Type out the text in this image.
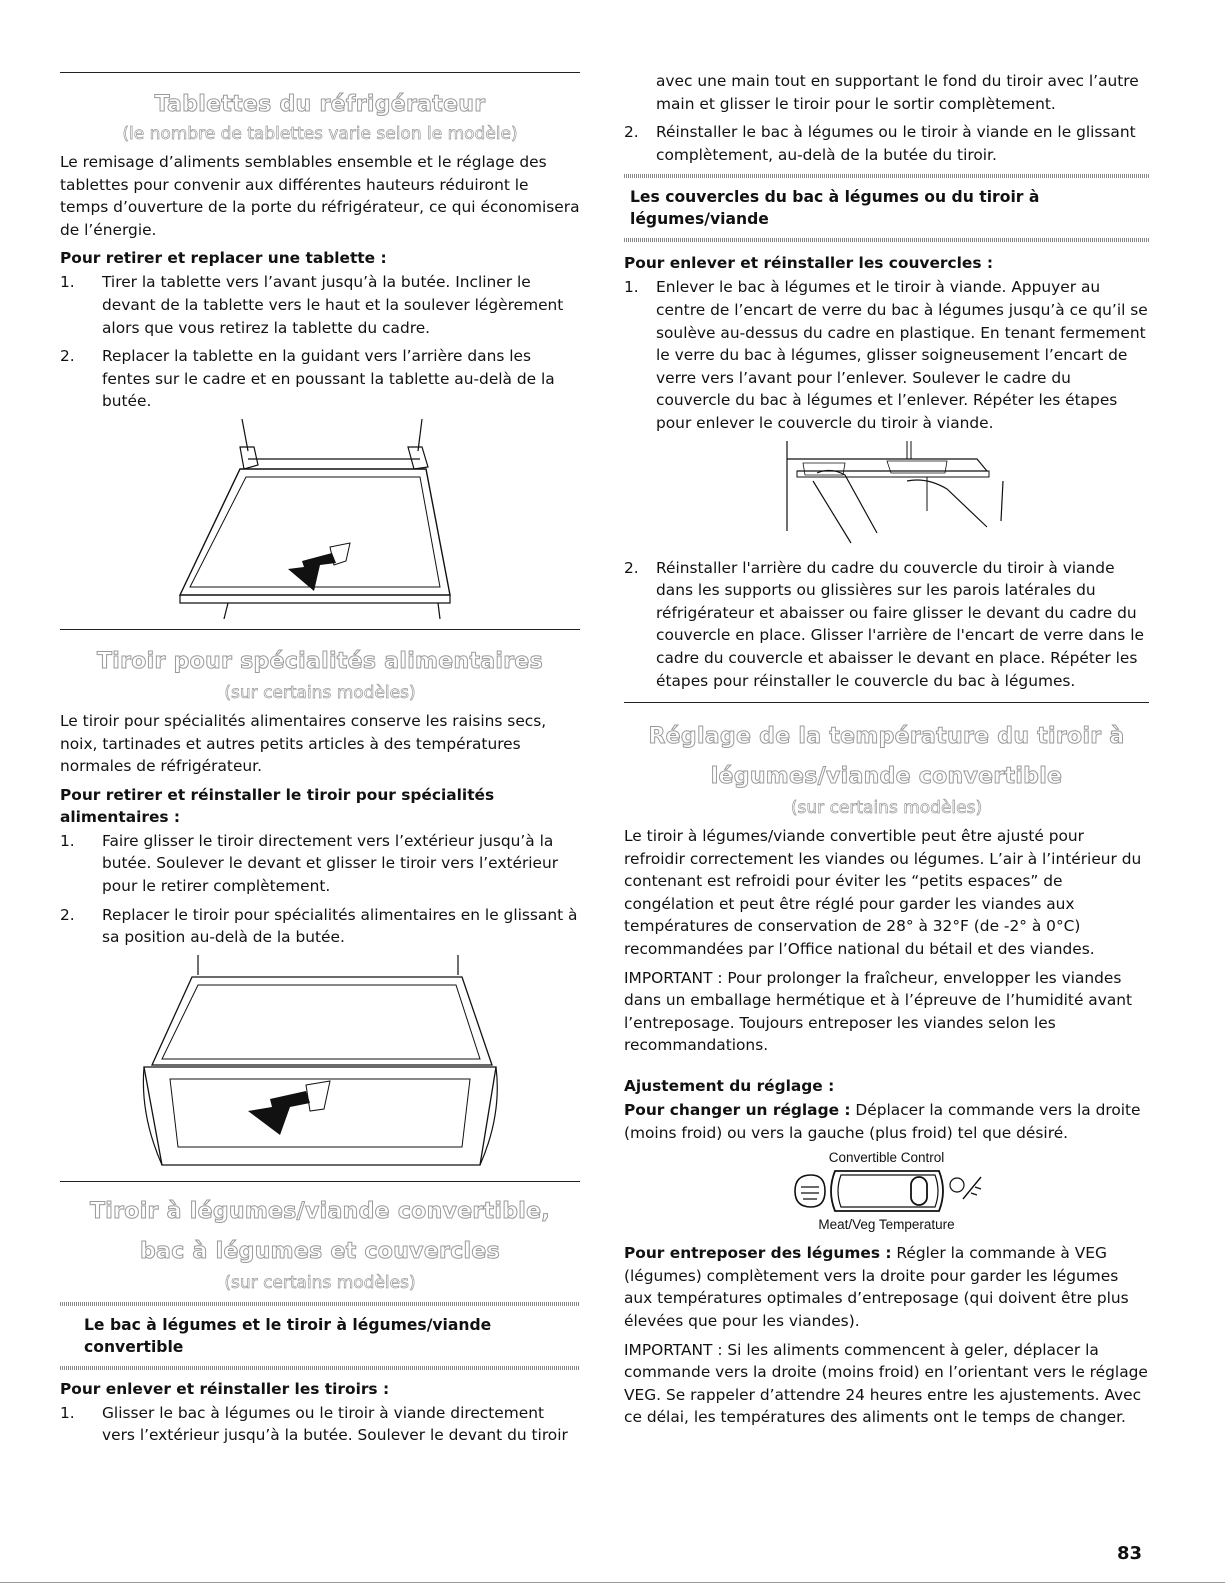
Tablettes du réfrigérateur
(le nombre de tablettes varie selon le modèle)

Le remisage d’aliments semblables ensemble et le réglage des tablettes pour convenir aux différentes hauteurs réduiront le temps d’ouverture de la porte du réfrigérateur, ce qui économisera de l’énergie.

Pour retirer et replacer une tablette :
1. Tirer la tablette vers l’avant jusqu’à la butée. Incliner le devant de la tablette vers le haut et la soulever légèrement alors que vous retirez la tablette du cadre.
2. Replacer la tablette en la guidant vers l’arrière dans les fentes sur le cadre et en poussant la tablette au-delà de la butée.
Tiroir pour spécialités alimentaires
(sur certains modèles)

Le tiroir pour spécialités alimentaires conserve les raisins secs, noix, tartinades et autres petits articles à des températures normales de réfrigérateur.

Pour retirer et réinstaller le tiroir pour spécialités alimentaires :
1. Faire glisser le tiroir directement vers l’extérieur jusqu’à la butée. Soulever le devant et glisser le tiroir vers l’extérieur pour le retirer complètement.
2. Replacer le tiroir pour spécialités alimentaires en le glissant à sa position au-delà de la butée.
Tiroir à légumes/viande convertible,
bac à légumes et couvercles
(sur certains modèles)
Le bac à légumes et le tiroir à légumes/viande convertible
Pour enlever et réinstaller les tiroirs :
1. Glisser le bac à légumes ou le tiroir à viande directement vers l’extérieur jusqu’à la butée. Soulever le devant du tiroir

avec une main tout en supportant le fond du tiroir avec l’autre main et glisser le tiroir pour le sortir complètement.

2. Réinstaller le bac à légumes ou le tiroir à viande en le glissant complètement, au-delà de la butée du tiroir.
Les couvercles du bac à légumes ou du tiroir à légumes/viande
Pour enlever et réinstaller les couvercles :
1. Enlever le bac à légumes et le tiroir à viande. Appuyer au centre de l’encart de verre du bac à légumes jusqu’à ce qu’il se soulève au-dessus du cadre en plastique. En tenant fermement le verre du bac à légumes, glisser soigneusement l’encart de verre vers l’avant pour l’enlever. Soulever le cadre du couvercle du bac à légumes et l’enlever. Répéter les étapes pour enlever le couvercle du tiroir à viande.
2. Réinstaller l'arrière du cadre du couvercle du tiroir à viande dans les supports ou glissières sur les parois latérales du réfrigérateur et abaisser ou faire glisser le devant du cadre du couvercle en place. Glisser l'arrière de l'encart de verre dans le cadre du couvercle et abaisser le devant en place. Répéter les étapes pour réinstaller le couvercle du bac à légumes.
Réglage de la température du tiroir à
légumes/viande convertible
(sur certains modèles)

Le tiroir à légumes/viande convertible peut être ajusté pour refroidir correctement les viandes ou légumes. L’air à l’intérieur du contenant est refroidi pour éviter les “petits espaces” de congélation et peut être réglé pour garder les viandes aux températures de conservation de 28° à 32°F (de -2° à 0°C) recommandées par l’Office national du bétail et des viandes.

IMPORTANT : Pour prolonger la fraîcheur, envelopper les viandes dans un emballage hermétique et à l’épreuve de l’humidité avant l’entreposage. Toujours entreposer les viandes selon les recommandations.

Ajustement du réglage :

Pour changer un réglage : Déplacer la commande vers la droite (moins froid) ou vers la gauche (plus froid) tel que désiré.

Convertible Control
Meat/Veg Temperature

Pour entreposer des légumes : Régler la commande à VEG (légumes) complètement vers la droite pour garder les légumes aux températures optimales d’entreposage (qui doivent être plus élevées que pour les viandes).

IMPORTANT : Si les aliments commencent à geler, déplacer la commande vers la droite (moins froid) en l’orientant vers le réglage VEG. Se rappeler d’attendre 24 heures entre les ajustements. Avec ce délai, les températures des aliments ont le temps de changer.

83
